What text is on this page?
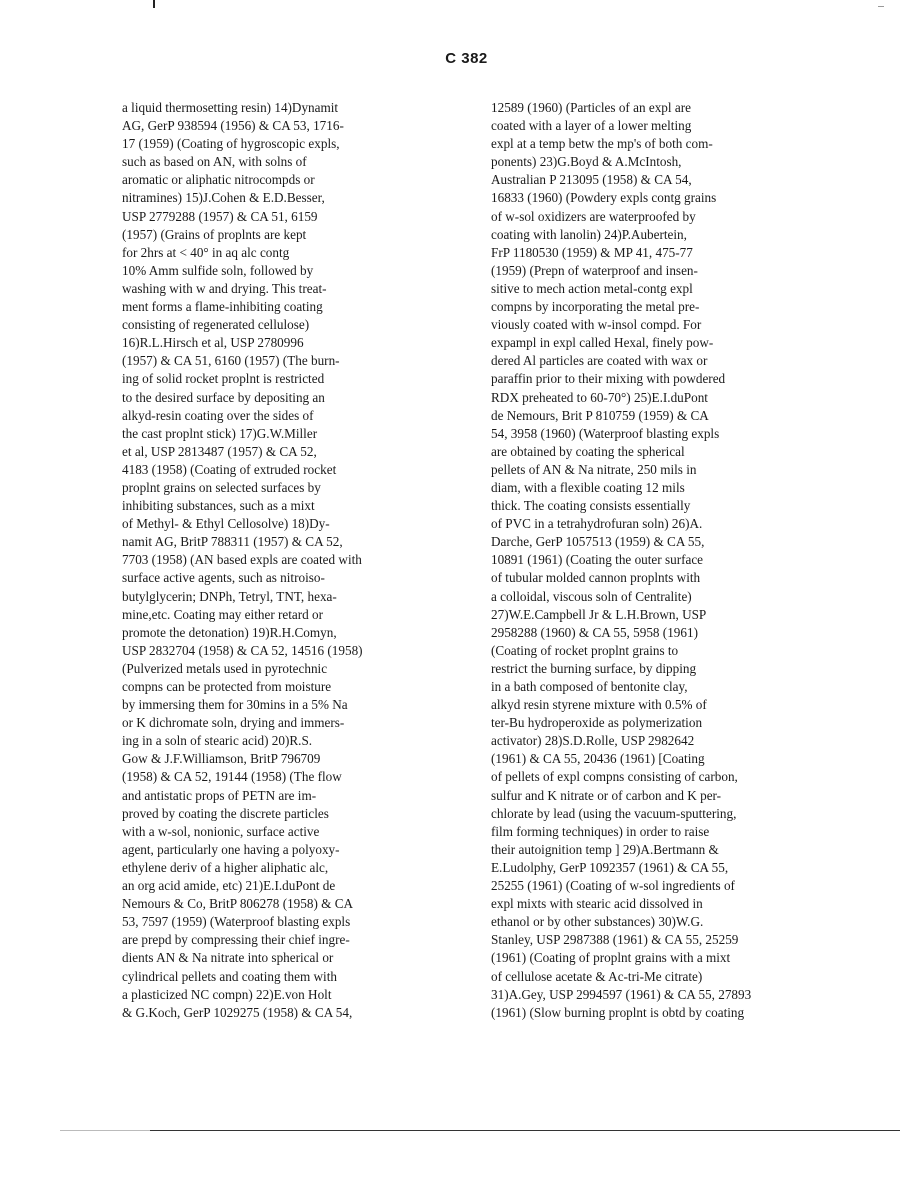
C 382
a liquid thermosetting resin) 14)Dynamit
AG, GerP 938594 (1956) & CA 53, 1716-
17 (1959) (Coating of hygroscopic expls,
such as based on AN, with solns of
aromatic or aliphatic nitrocompds or
nitramines) 15)J.Cohen & E.D.Besser,
USP 2779288 (1957) & CA 51, 6159
(1957) (Grains of proplnts are kept
for 2hrs at < 40° in aq alc contg
10% Amm sulfide soln, followed by
washing with w and drying. This treat-
ment forms a flame-inhibiting coating
consisting of regenerated cellulose)
16)R.L.Hirsch et al, USP 2780996
(1957) & CA 51, 6160 (1957) (The burn-
ing of solid rocket proplnt is restricted
to the desired surface by depositing an
alkyd-resin coating over the sides of
the cast proplnt stick) 17)G.W.Miller
et al, USP 2813487 (1957) & CA 52,
4183 (1958) (Coating of extruded rocket
proplnt grains on selected surfaces by
inhibiting substances, such as a mixt
of Methyl- & Ethyl Cellosolve) 18)Dy-
namit AG, BritP 788311 (1957) & CA 52,
7703 (1958) (AN based expls are coated with
surface active agents, such as nitroiso-
butylglycerin; DNPh, Tetryl, TNT, hexa-
mine,etc. Coating may either retard or
promote the detonation) 19)R.H.Comyn,
USP 2832704 (1958) & CA 52, 14516 (1958)
(Pulverized metals used in pyrotechnic
compns can be protected from moisture
by immersing them for 30mins in a 5% Na
or K dichromate soln, drying and immers-
ing in a soln of stearic acid) 20)R.S.
Gow & J.F.Williamson, BritP 796709
(1958) & CA 52, 19144 (1958) (The flow
and antistatic props of PETN are im-
proved by coating the discrete particles
with a w-sol, nonionic, surface active
agent, particularly one having a polyoxy-
ethylene deriv of a higher aliphatic alc,
an org acid amide, etc) 21)E.I.duPont de
Nemours & Co, BritP 806278 (1958) & CA
53, 7597 (1959) (Waterproof blasting expls
are prepd by compressing their chief ingre-
dients AN & Na nitrate into spherical or
cylindrical pellets and coating them with
a plasticized NC compn) 22)E.von Holt
& G.Koch, GerP 1029275 (1958) & CA 54,
12589 (1960) (Particles of an expl are
coated with a layer of a lower melting
expl at a temp betw the mp's of both com-
ponents) 23)G.Boyd & A.McIntosh,
Australian P 213095 (1958) & CA 54,
16833 (1960) (Powdery expls contg grains
of w-sol oxidizers are waterproofed by
coating with lanolin) 24)P.Aubertein,
FrP 1180530 (1959) & MP 41, 475-77
(1959) (Prepn of waterproof and insen-
sitive to mech action metal-contg expl
compns by incorporating the metal pre-
viously coated with w-insol compd. For
expampl in expl called Hexal, finely pow-
dered Al particles are coated with wax or
paraffin prior to their mixing with powdered
RDX preheated to 60-70°) 25)E.I.duPont
de Nemours, Brit P 810759 (1959) & CA
54, 3958 (1960) (Waterproof blasting expls
are obtained by coating the spherical
pellets of AN & Na nitrate, 250 mils in
diam, with a flexible coating 12 mils
thick. The coating consists essentially
of PVC in a tetrahydrofuran soln) 26)A.
Darche, GerP 1057513 (1959) & CA 55,
10891 (1961) (Coating the outer surface
of tubular molded cannon proplnts with
a colloidal, viscous soln of Centralite)
27)W.E.Campbell Jr & L.H.Brown, USP
2958288 (1960) & CA 55, 5958 (1961)
(Coating of rocket proplnt grains to
restrict the burning surface, by dipping
in a bath composed of bentonite clay,
alkyd resin styrene mixture with 0.5% of
ter-Bu hydroperoxide as polymerization
activator) 28)S.D.Rolle, USP 2982642
(1961) & CA 55, 20436 (1961) [Coating
of pellets of expl compns consisting of carbon,
sulfur and K nitrate or of carbon and K per-
chlorate by lead (using the vacuum-sputtering,
film forming techniques) in order to raise
their autoignition temp ] 29)A.Bertmann &
E.Ludolphy, GerP 1092357 (1961) & CA 55,
25255 (1961) (Coating of w-sol ingredients of
expl mixts with stearic acid dissolved in
ethanol or by other substances) 30)W.G.
Stanley, USP 2987388 (1961) & CA 55, 25259
(1961) (Coating of proplnt grains with a mixt
of cellulose acetate & Ac-tri-Me citrate)
31)A.Gey, USP 2994597 (1961) & CA 55, 27893
(1961) (Slow burning proplnt is obtd by coating
